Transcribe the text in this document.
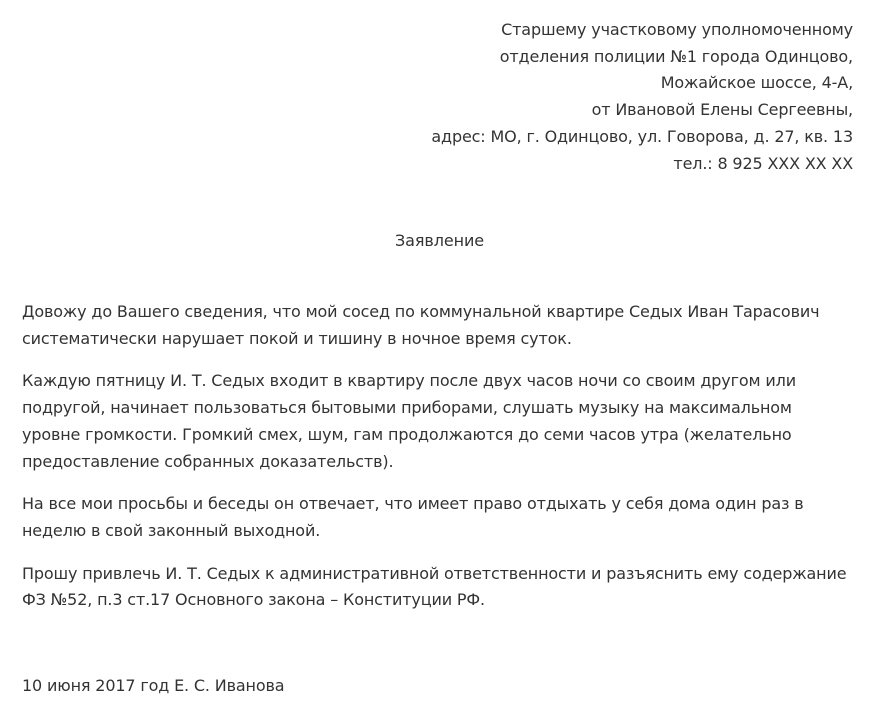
Старшему участковому уполномоченному
отделения полиции №1 города Одинцово,
Можайское шоссе, 4-А,
от Ивановой Елены Сергеевны,
адрес: МО, г. Одинцово, ул. Говорова, д. 27, кв. 13
тел.: 8 925 XXX XX XX
Заявление
Довожу до Вашего сведения, что мой сосед по коммунальной квартире Седых Иван Тарасович
систематически нарушает покой и тишину в ночное время суток.
Каждую пятницу И. Т. Седых входит в квартиру после двух часов ночи со своим другом или
подругой, начинает пользоваться бытовыми приборами, слушать музыку на максимальном
уровне громкости. Громкий смех, шум, гам продолжаются до семи часов утра (желательно
предоставление собранных доказательств).
На все мои просьбы и беседы он отвечает, что имеет право отдыхать у себя дома один раз в
неделю в свой законный выходной.
Прошу привлечь И. Т. Седых к административной ответственности и разъяснить ему содержание
ФЗ №52, п.3 ст.17 Основного закона – Конституции РФ.
10 июня 2017 год Е. С. Иванова
